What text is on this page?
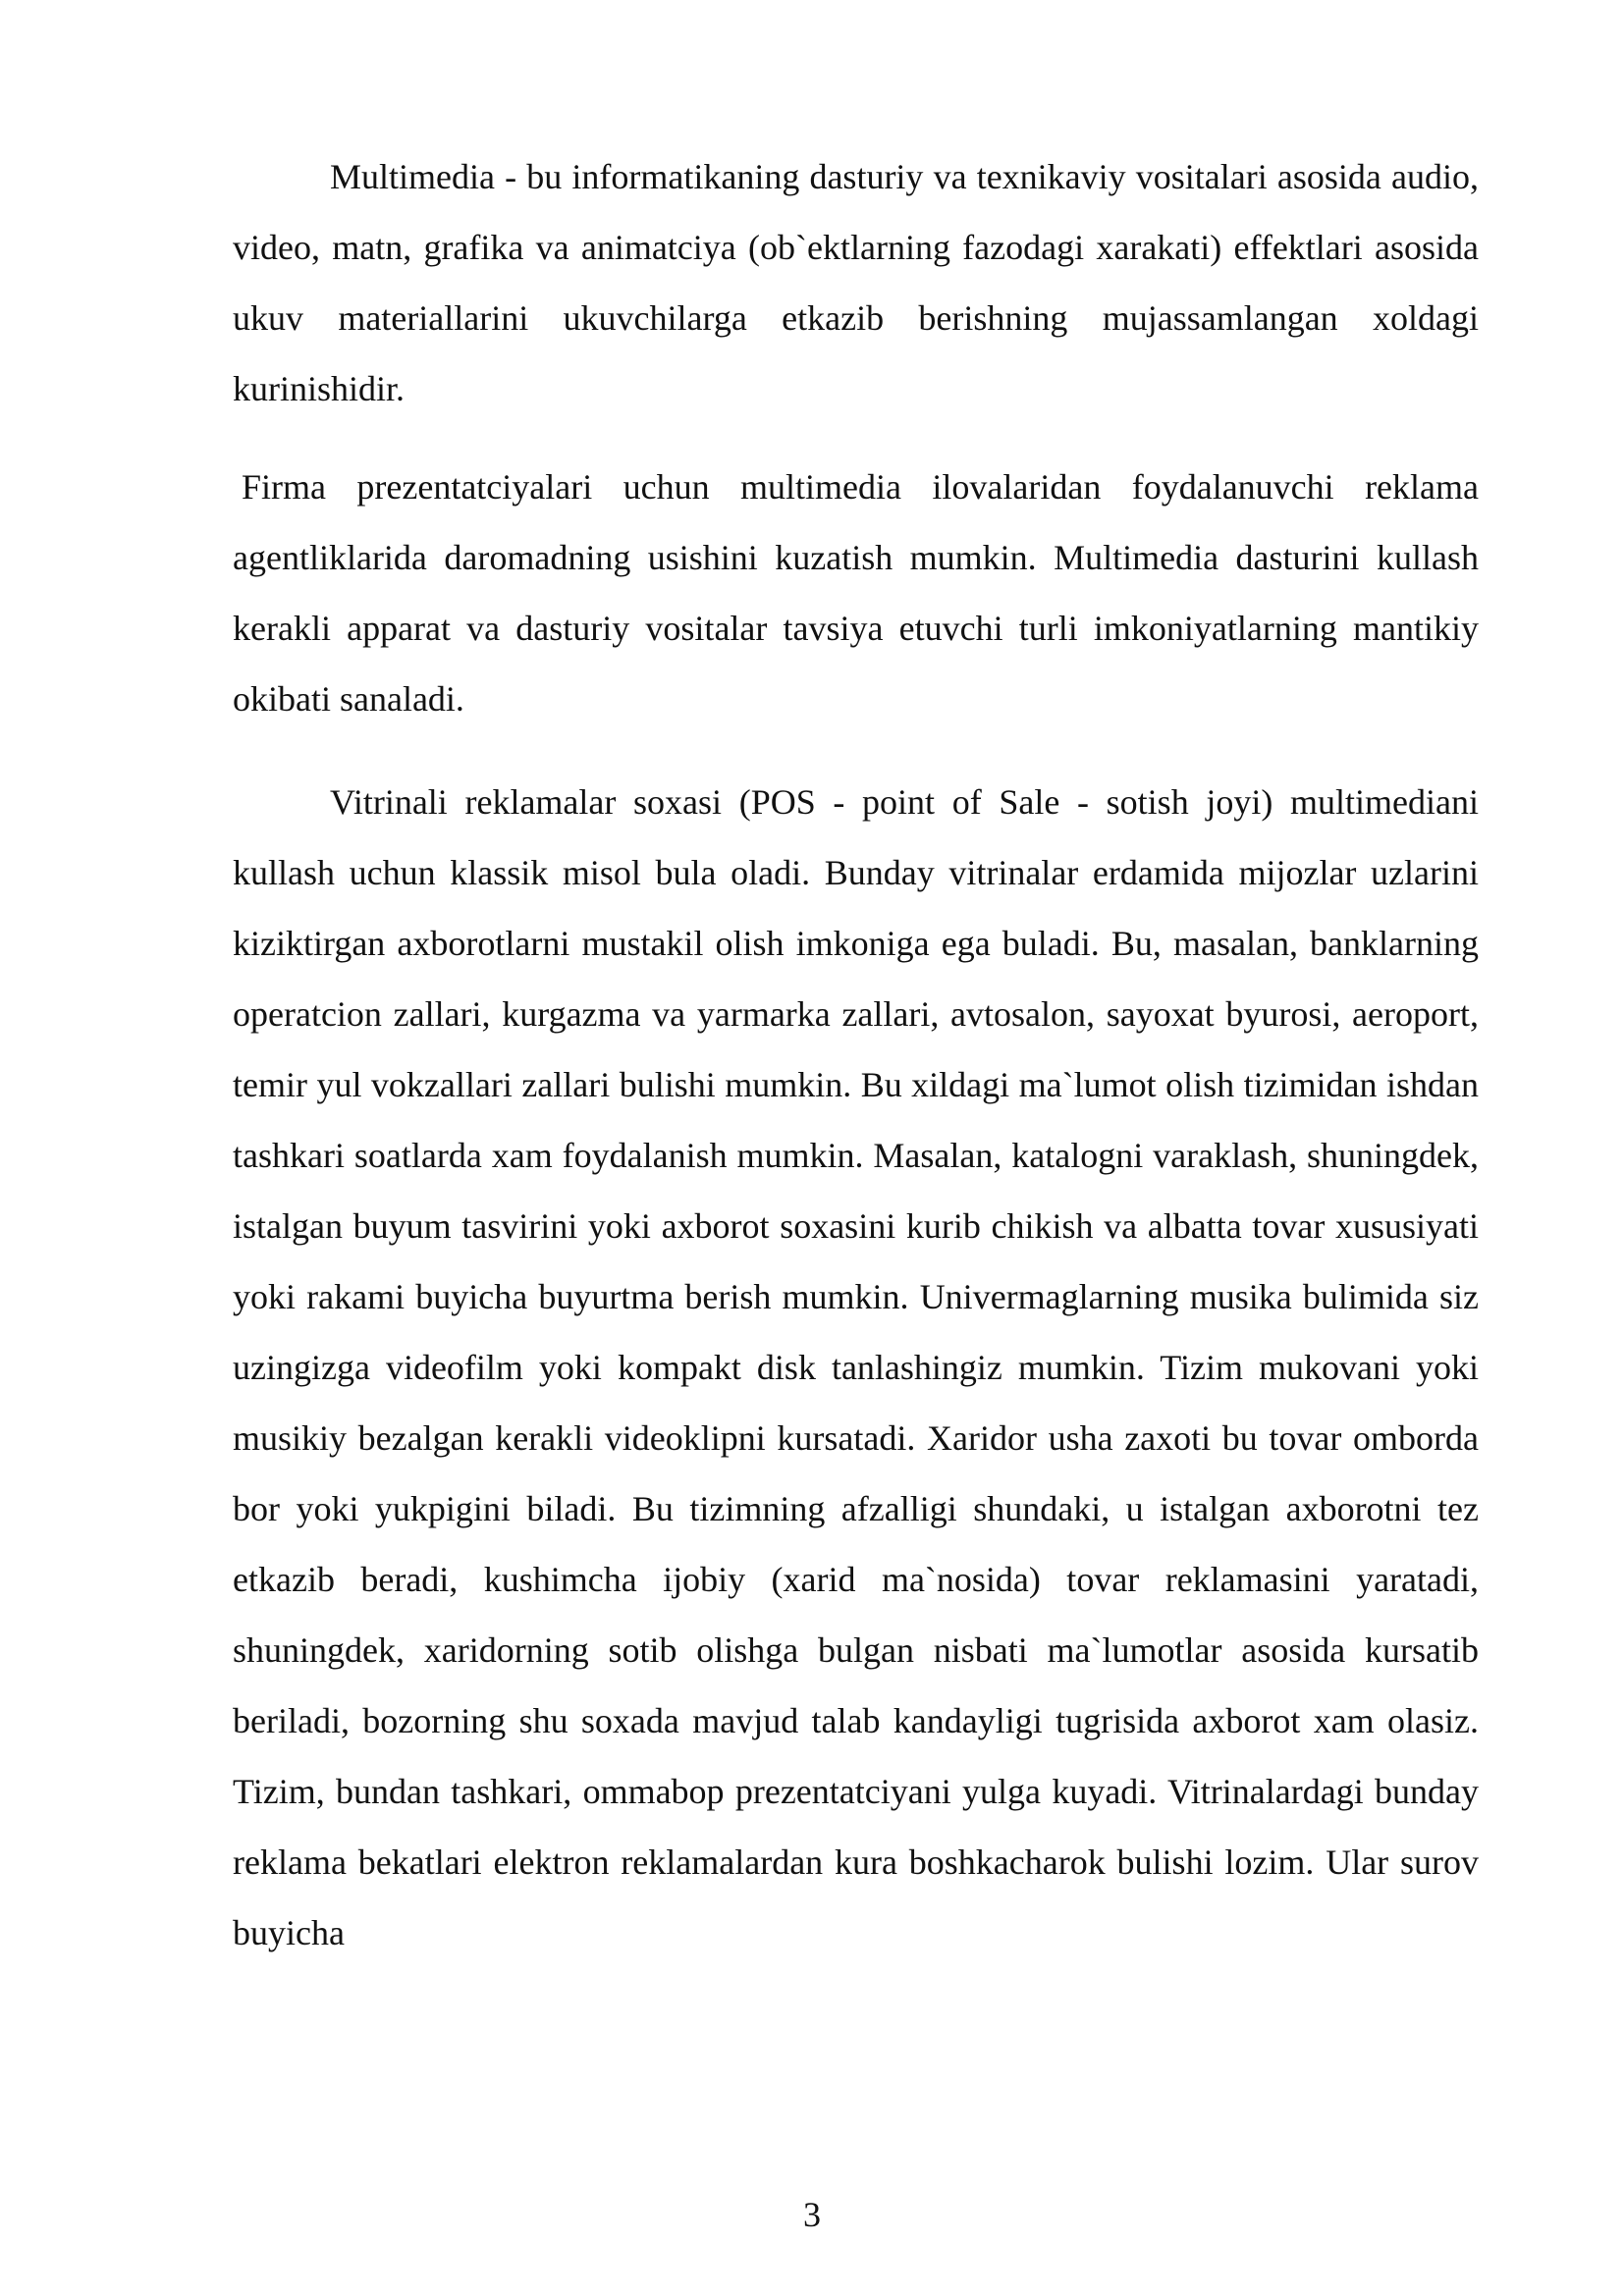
Multimedia - bu informatikaning dasturiy va texnikaviy vositalari asosida audio, video, matn, grafika va animatciya (ob`ektlarning fazodagi xarakati) effektlari asosida ukuv materiallarini ukuvchilarga etkazib berishning mujassamlangan xoldagi kurinishidir.

Firma prezentatciyalari uchun multimedia ilovalaridan foydalanuvchi reklama agentliklarida daromadning usishini kuzatish mumkin. Multimedia dasturini kullash kerakli apparat va dasturiy vositalar tavsiya etuvchi turli imkoniyatlarning mantikiy okibati sanaladi.

Vitrinali reklamalar soxasi (POS - point of Sale - sotish joyi) multimediani kullash uchun klassik misol bula oladi. Bunday vitrinalar erdamida mijozlar uzlarini kiziktirgan axborotlarni mustakil olish imkoniga ega buladi. Bu, masalan, banklarning operatcion zallari, kurgazma va yarmarka zallari, avtosalon, sayoxat byurosi, aeroport, temir yul vokzallari zallari bulishi mumkin. Bu xildagi ma`lumot olish tizimidan ishdan tashkari soatlarda xam foydalanish mumkin. Masalan, katalogni varaklash, shuningdek, istalgan buyum tasvirini yoki axborot soxasini kurib chikish va albatta tovar xususiyati yoki rakami buyicha buyurtma berish mumkin. Univermaglarning musika bulimida siz uzingizga videofilm yoki kompakt disk tanlashingiz mumkin. Tizim mukovani yoki musikiy bezalgan kerakli videoklipni kursatadi. Xaridor usha zaxoti bu tovar omborda bor yoki yukpigini biladi. Bu tizimning afzalligi shundaki, u istalgan axborotni tez etkazib beradi, kushimcha ijobiy (xarid ma`nosida) tovar reklamasini yaratadi, shuningdek, xaridorning sotib olishga bulgan nisbati ma`lumotlar asosida kursatib beriladi, bozorning shu soxada mavjud talab kandayligi tugrisida axborot xam olasiz. Tizim, bundan tashkari, ommabop prezentatciyani yulga kuyadi. Vitrinalardagi bunday reklama bekatlari elektron reklamalardan kura boshkacharok bulishi lozim. Ular surov buyicha

3
